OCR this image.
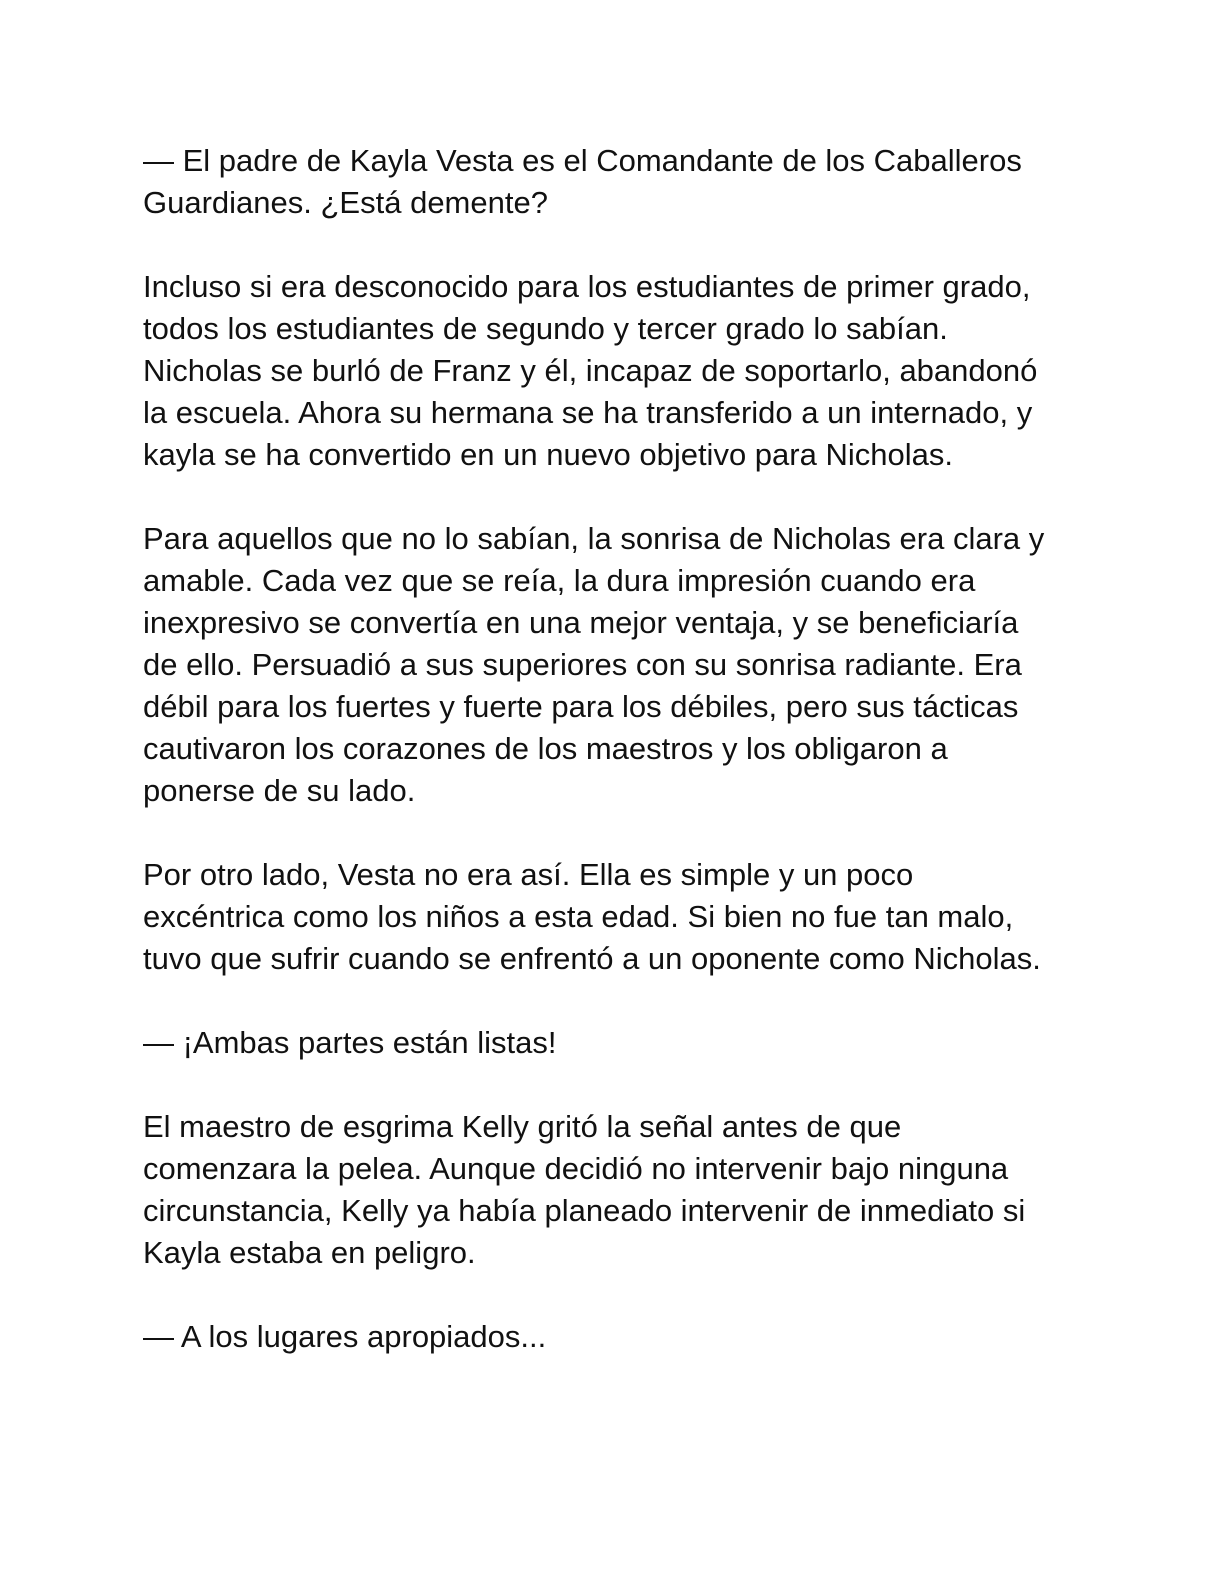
— El padre de Kayla Vesta es el Comandante de los Caballeros
Guardianes. ¿Está demente?

Incluso si era desconocido para los estudiantes de primer grado,
todos los estudiantes de segundo y tercer grado lo sabían.
Nicholas se burló de Franz y él, incapaz de soportarlo, abandonó
la escuela. Ahora su hermana se ha transferido a un internado, y
kayla se ha convertido en un nuevo objetivo para Nicholas.

Para aquellos que no lo sabían, la sonrisa de Nicholas era clara y
amable. Cada vez que se reía, la dura impresión cuando era
inexpresivo se convertía en una mejor ventaja, y se beneficiaría
de ello. Persuadió a sus superiores con su sonrisa radiante. Era
débil para los fuertes y fuerte para los débiles, pero sus tácticas
cautivaron los corazones de los maestros y los obligaron a
ponerse de su lado.

Por otro lado, Vesta no era así. Ella es simple y un poco
excéntrica como los niños a esta edad. Si bien no fue tan malo,
tuvo que sufrir cuando se enfrentó a un oponente como Nicholas.

— ¡Ambas partes están listas!

El maestro de esgrima Kelly gritó la señal antes de que
comenzara la pelea. Aunque decidió no intervenir bajo ninguna
circunstancia, Kelly ya había planeado intervenir de inmediato si
Kayla estaba en peligro.

— A los lugares apropiados...
